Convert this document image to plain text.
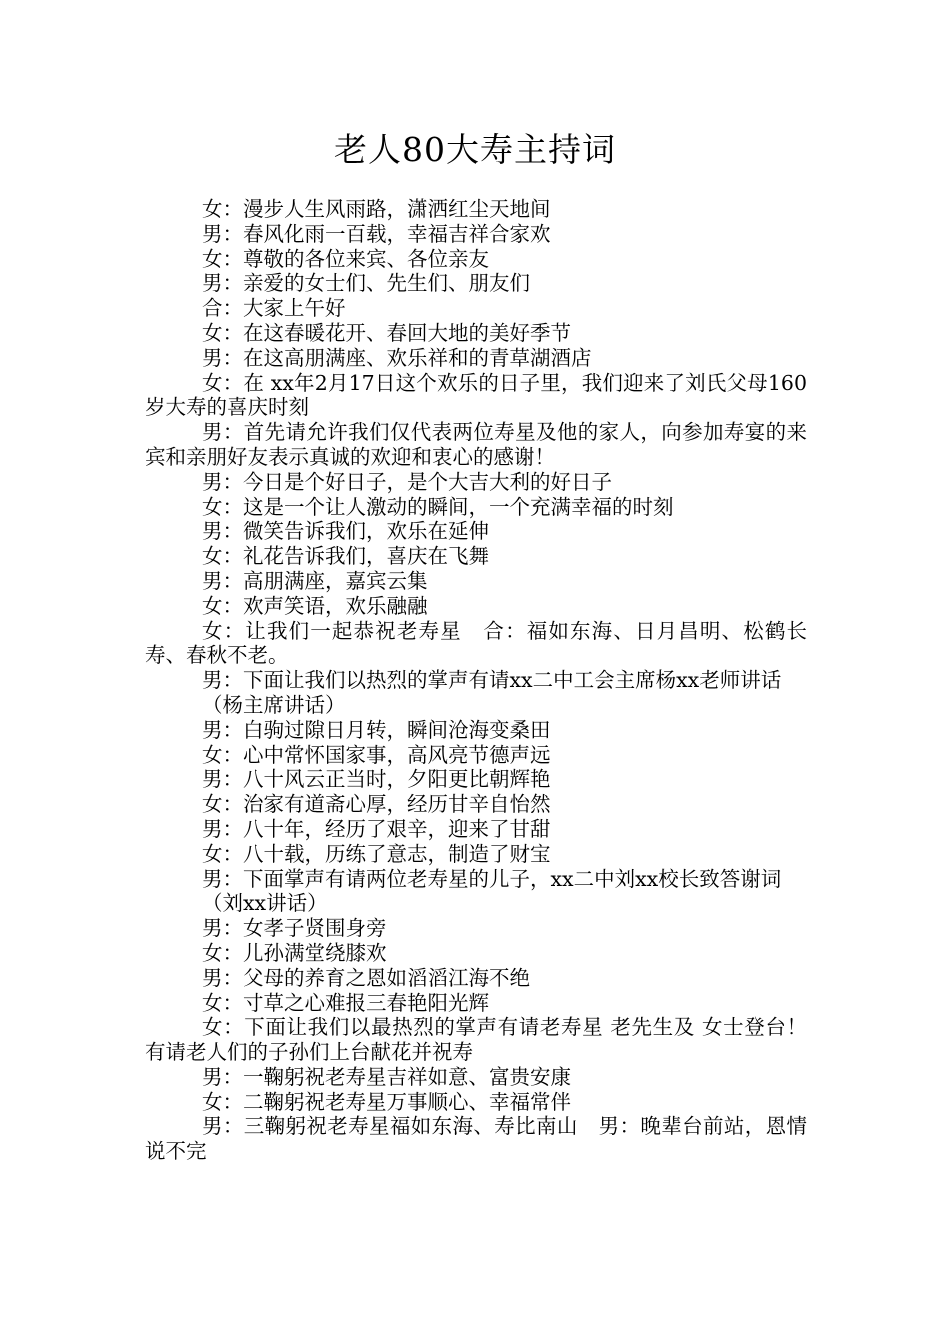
老人80大寿主持词

女：漫步人生风雨路，潇洒红尘天地间

男：春风化雨一百载，幸福吉祥合家欢

女：尊敬的各位来宾、各位亲友

男：亲爱的女士们、先生们、朋友们

合：大家上午好

女：在这春暖花开、春回大地的美好季节

男：在这高朋满座、欢乐祥和的青草湖酒店

女：在 xx年2月17日这个欢乐的日子里，我们迎来了刘氏父母160岁大寿的喜庆时刻

男：首先请允许我们仅代表两位寿星及他的家人，向参加寿宴的来宾和亲朋好友表示真诚的欢迎和衷心的感谢！

男：今日是个好日子，是个大吉大利的好日子

女：这是一个让人激动的瞬间，一个充满幸福的时刻

男：微笑告诉我们，欢乐在延伸

女：礼花告诉我们，喜庆在飞舞

男：高朋满座，嘉宾云集

女：欢声笑语，欢乐融融

女：让我们一起恭祝老寿星　合：福如东海、日月昌明、松鹤长寿、春秋不老。

男：下面让我们以热烈的掌声有请xx二中工会主席杨xx老师讲话

（杨主席讲话）

男：白驹过隙日月转，瞬间沧海变桑田

女：心中常怀国家事，高风亮节德声远

男：八十风云正当时，夕阳更比朝辉艳

女：治家有道斋心厚，经历甘辛自怡然

男：八十年，经历了艰辛，迎来了甘甜

女：八十载，历练了意志，制造了财宝

男：下面掌声有请两位老寿星的儿子，xx二中刘xx校长致答谢词

（刘xx讲话）

男：女孝子贤围身旁

女：儿孙满堂绕膝欢

男：父母的养育之恩如滔滔江海不绝

女：寸草之心难报三春艳阳光辉

女：下面让我们以最热烈的掌声有请老寿星 老先生及 女士登台！有请老人们的子孙们上台献花并祝寿

男：一鞠躬祝老寿星吉祥如意、富贵安康

女：二鞠躬祝老寿星万事顺心、幸福常伴

男：三鞠躬祝老寿星福如东海、寿比南山　男：晚辈台前站，恩情说不完
